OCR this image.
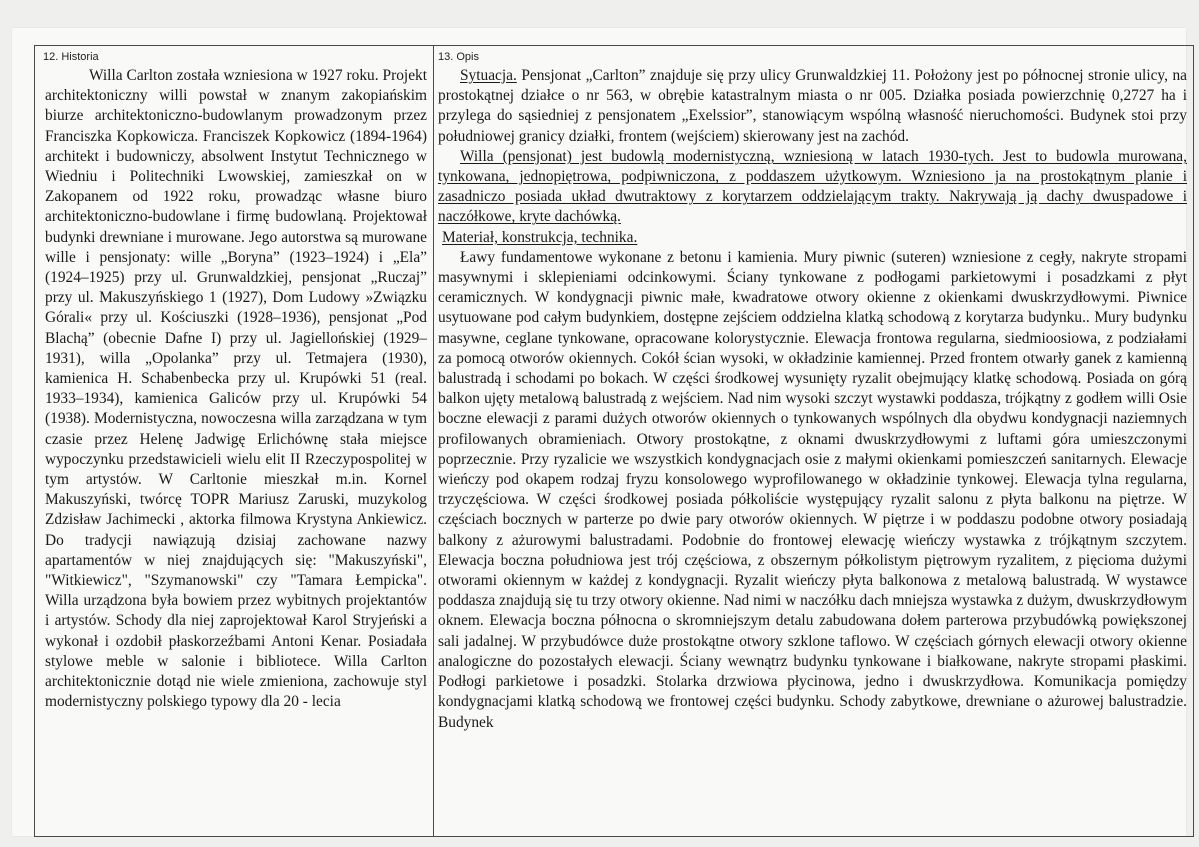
12. Historia

Willa Carlton została wzniesiona w 1927 roku. Projekt architektoniczny willi powstał w znanym zakopiańskim biurze architektoniczno-budowlanym prowadzonym przez Franciszka Kopkowicza. Franciszek Kopkowicz (1894-1964) architekt i budowniczy, absolwent Instytut Technicznego w Wiedniu i Politechniki Lwowskiej, zamieszkał on w Zakopanem od 1922 roku, prowadząc własne biuro architektoniczno-budowlane i firmę budowlaną. Projektował budynki drewniane i murowane. Jego autorstwa są murowane wille i pensjonaty: wille „Boryna” (1923–1924) i „Ela” (1924–1925) przy ul. Grunwaldzkiej, pensjonat „Ruczaj” przy ul. Makuszyńskiego 1 (1927), Dom Ludowy »Związku Górali« przy ul. Kościuszki (1928–1936), pensjonat „Pod Blachą” (obecnie Dafne I) przy ul. Jagiellońskiej (1929–1931), willa „Opolanka” przy ul. Tetmajera (1930), kamienica H. Schabenbecka przy ul. Krupówki 51 (real. 1933–1934), kamienica Galiców przy ul. Krupówki 54 (1938). Modernistyczna, nowoczesna willa zarządzana w tym czasie przez Helenę Jadwigę Erlichównę stała miejsce wypoczynku przedstawicieli wielu elit II Rzeczypospolitej w tym artystów. W Carltonie mieszkał m.in. Kornel Makuszyński, twórcę TOPR Mariusz Zaruski, muzykolog Zdzisław Jachimecki , aktorka filmowa Krystyna Ankiewicz. Do tradycji nawiązują dzisiaj zachowane nazwy apartamentów w niej znajdujących się: "Makuszyński", "Witkiewicz", "Szymanowski" czy "Tamara Łempicka". Willa urządzona była bowiem przez wybitnych projektantów i artystów. Schody dla niej zaprojektował Karol Stryjeński a wykonał i ozdobił płaskorzeźbami Antoni Kenar. Posiadała stylowe meble w salonie i bibliotece. Willa Carlton architektonicznie dotąd nie wiele zmieniona, zachowuje styl modernistyczny polskiego typowy dla 20 - lecia

13. Opis

Sytuacja. Pensjonat „Carlton” znajduje się przy ulicy Grunwaldzkiej 11. Położony jest po północnej stronie ulicy, na prostokątnej działce o nr 563, w obrębie katastralnym miasta o nr 005. Działka posiada powierzchnię 0,2727 ha i przylega do sąsiedniej z pensjonatem „Exelssior”, stanowiącym wspólną własność nieruchomości. Budynek stoi przy południowej granicy działki, frontem (wejściem) skierowany jest na zachód.

Willa (pensjonat) jest budowlą modernistyczną, wzniesioną w latach 1930-tych. Jest to budowla murowana, tynkowana, jednopiętrowa, podpiwniczona, z poddaszem użytkowym. Wzniesiono ja na prostokątnym planie i zasadniczo posiada układ dwutraktowy z korytarzem oddzielającym trakty. Nakrywają ją dachy dwuspadowe i naczółkowe, kryte dachówką.

Materiał, konstrukcja, technika.

Ławy fundamentowe wykonane z betonu i kamienia. Mury piwnic (suteren) wzniesione z cegły, nakryte stropami masywnymi i sklepieniami odcinkowymi. Ściany tynkowane z podłogami parkietowymi i posadzkami z płyt ceramicznych. W kondygnacji piwnic małe, kwadratowe otwory okienne z okienkami dwuskrzydłowymi. Piwnice usytuowane pod całym budynkiem, dostępne zejściem oddzielna klatką schodową z korytarza budynku.. Mury budynku masywne, ceglane tynkowane, opracowane kolorystycznie. Elewacja frontowa regularna, siedmioosiowa, z podziałami za pomocą otworów okiennych. Cokół ścian wysoki, w okładzinie kamiennej. Przed frontem otwarły ganek z kamienną balustradą i schodami po bokach. W części środkowej wysunięty ryzalit obejmujący klatkę schodową. Posiada on górą balkon ujęty metalową balustradą z wejściem. Nad nim wysoki szczyt wystawki poddasza, trójkątny z godłem willi Osie boczne elewacji z parami dużych otworów okiennych o tynkowanych wspólnych dla obydwu kondygnacji naziemnych profilowanych obramieniach. Otwory prostokątne, z oknami dwuskrzydłowymi z luftami góra umieszczonymi poprzecznie. Przy ryzalicie we wszystkich kondygnacjach osie z małymi okienkami pomieszczeń sanitarnych. Elewacje wieńczy pod okapem rodzaj fryzu konsolowego wyprofilowanego w okładzinie tynkowej. Elewacja tylna regularna, trzyczęściowa. W części środkowej posiada półkoliście występujący ryzalit salonu z płyta balkonu na piętrze. W częściach bocznych w parterze po dwie pary otworów okiennych. W piętrze i w poddaszu podobne otwory posiadają balkony z ażurowymi balustradami. Podobnie do frontowej elewację wieńczy wystawka z trójkątnym szczytem. Elewacja boczna południowa jest trój częściowa, z obszernym półkolistym piętrowym ryzalitem, z pięcioma dużymi otworami okiennym w każdej z kondygnacji. Ryzalit wieńczy płyta balkonowa z metalową balustradą. W wystawce poddasza znajdują się tu trzy otwory okienne. Nad nimi w naczółku dach mniejsza wystawka z dużym, dwuskrzydłowym oknem. Elewacja boczna północna o skromniejszym detalu zabudowana dołem parterowa przybudówką powiększonej sali jadalnej. W przybudówce duże prostokątne otwory szklone taflowo. W częściach górnych elewacji otwory okienne analogiczne do pozostałych elewacji. Ściany wewnątrz budynku tynkowane i białkowane, nakryte stropami płaskimi. Podłogi parkietowe i posadzki. Stolarka drzwiowa płycinowa, jedno i dwuskrzydłowa. Komunikacja pomiędzy kondygnacjami klatką schodową we frontowej części budynku. Schody zabytkowe, drewniane o ażurowej balustradzie. Budynek
